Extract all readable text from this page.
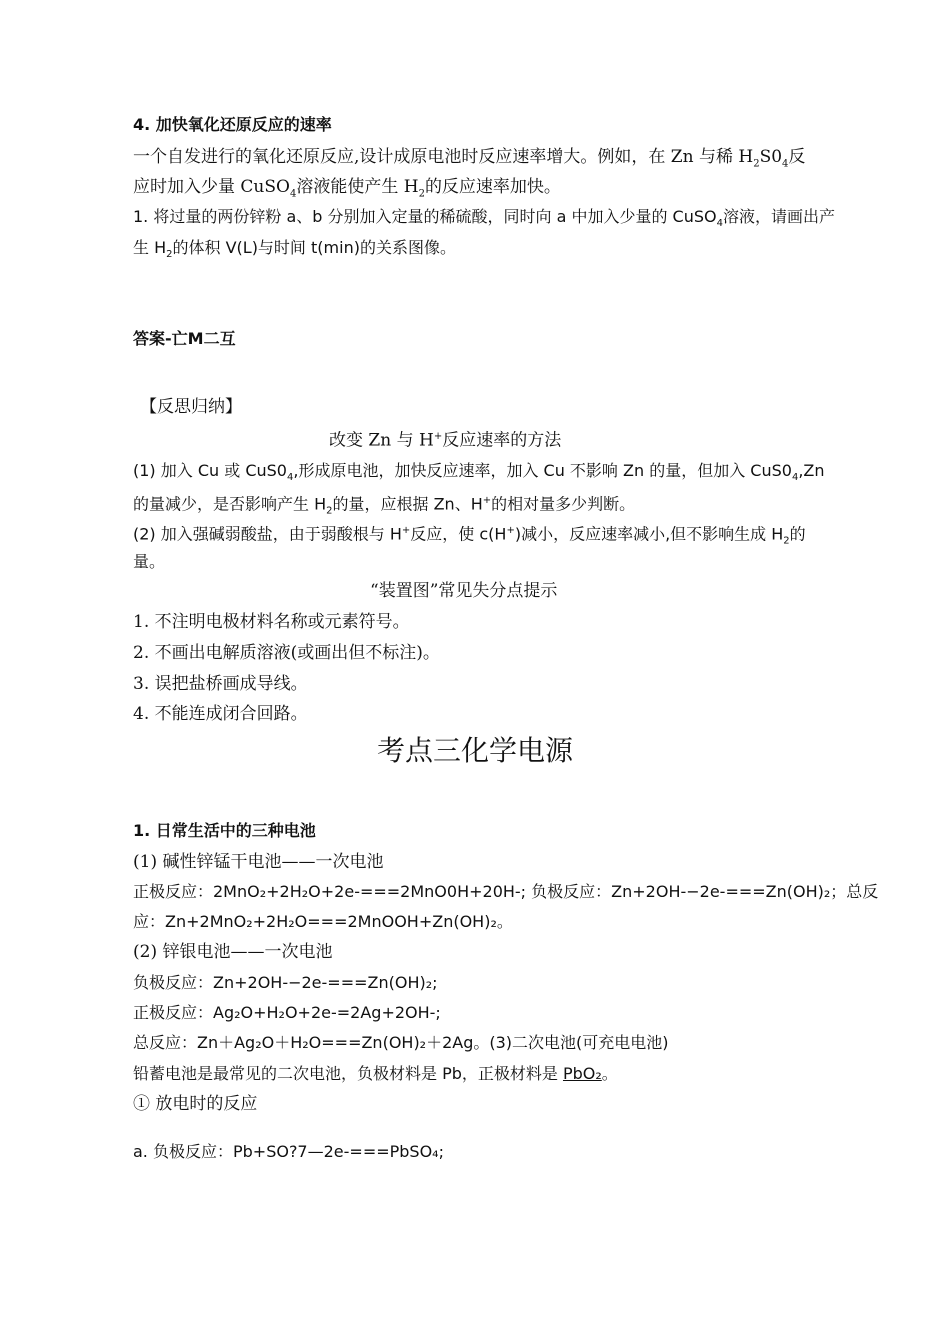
4. 加快氧化还原反应的速率
一个自发进行的氧化还原反应,设计成原电池时反应速率增大。例如，在 Zn 与稀 $H_2S0_4$反
应时加入少量 CuSO$_4$溶液能使产生 $H_2$的反应速率加快。
1. 将过量的两份锌粉 a、b 分别加入定量的稀硫酸，同时向 a 中加入少量的 CuSO$_4$溶液，请画出产
生 $H_2$的体积 V(L)与时间 t(min)的关系图像。
答案-亡M二互
【反思归纳】
改变 Zn 与 H+反应速率的方法
(1) 加入 Cu 或 $CuS0_4$,形成原电池，加快反应速率，加入 Cu 不影响 Zn 的量，但加入 $CuS0_4,Zn$
的量减少，是否影响产生 $H_2$的量，应根据 Zn、H+的相对量多少判断。
(2) 加入强碱弱酸盐，由于弱酸根与 H+反应，使 c(H+)减小，反应速率减小,但不影响生成 $H_2$的
量。
“装置图”常见失分点提示
1. 不注明电极材料名称或元素符号。
2. 不画出电解质溶液(或画出但不标注)。
3. 误把盐桥画成导线。
4. 不能连成闭合回路。
考点三化学电源
1. 日常生活中的三种电池
(1) 碱性锌锰干电池——一次电池
正极反应：2MnO₂+2H₂O+2e-===2MnO0H+20H-; 负极反应：Zn+2OH-−2e-===Zn(OH)₂；总反
应：Zn+2MnO₂+2H₂O===2MnOOH+Zn(OH)₂。
(2) 锌银电池——一次电池
负极反应：Zn+2OH-−2e-===Zn(OH)₂;
正极反应：Ag₂O+H₂O+2e-=2Ag+2OH-;
总反应：Zn＋Ag₂O＋H₂O===Zn(OH)₂＋2Ag。(3)二次电池(可充电电池)
铅蓄电池是最常见的二次电池，负极材料是 Pb，正极材料是 PbO₂。
① 放电时的反应
a. 负极反应：Pb+SO?7—2e-===PbSO₄;
